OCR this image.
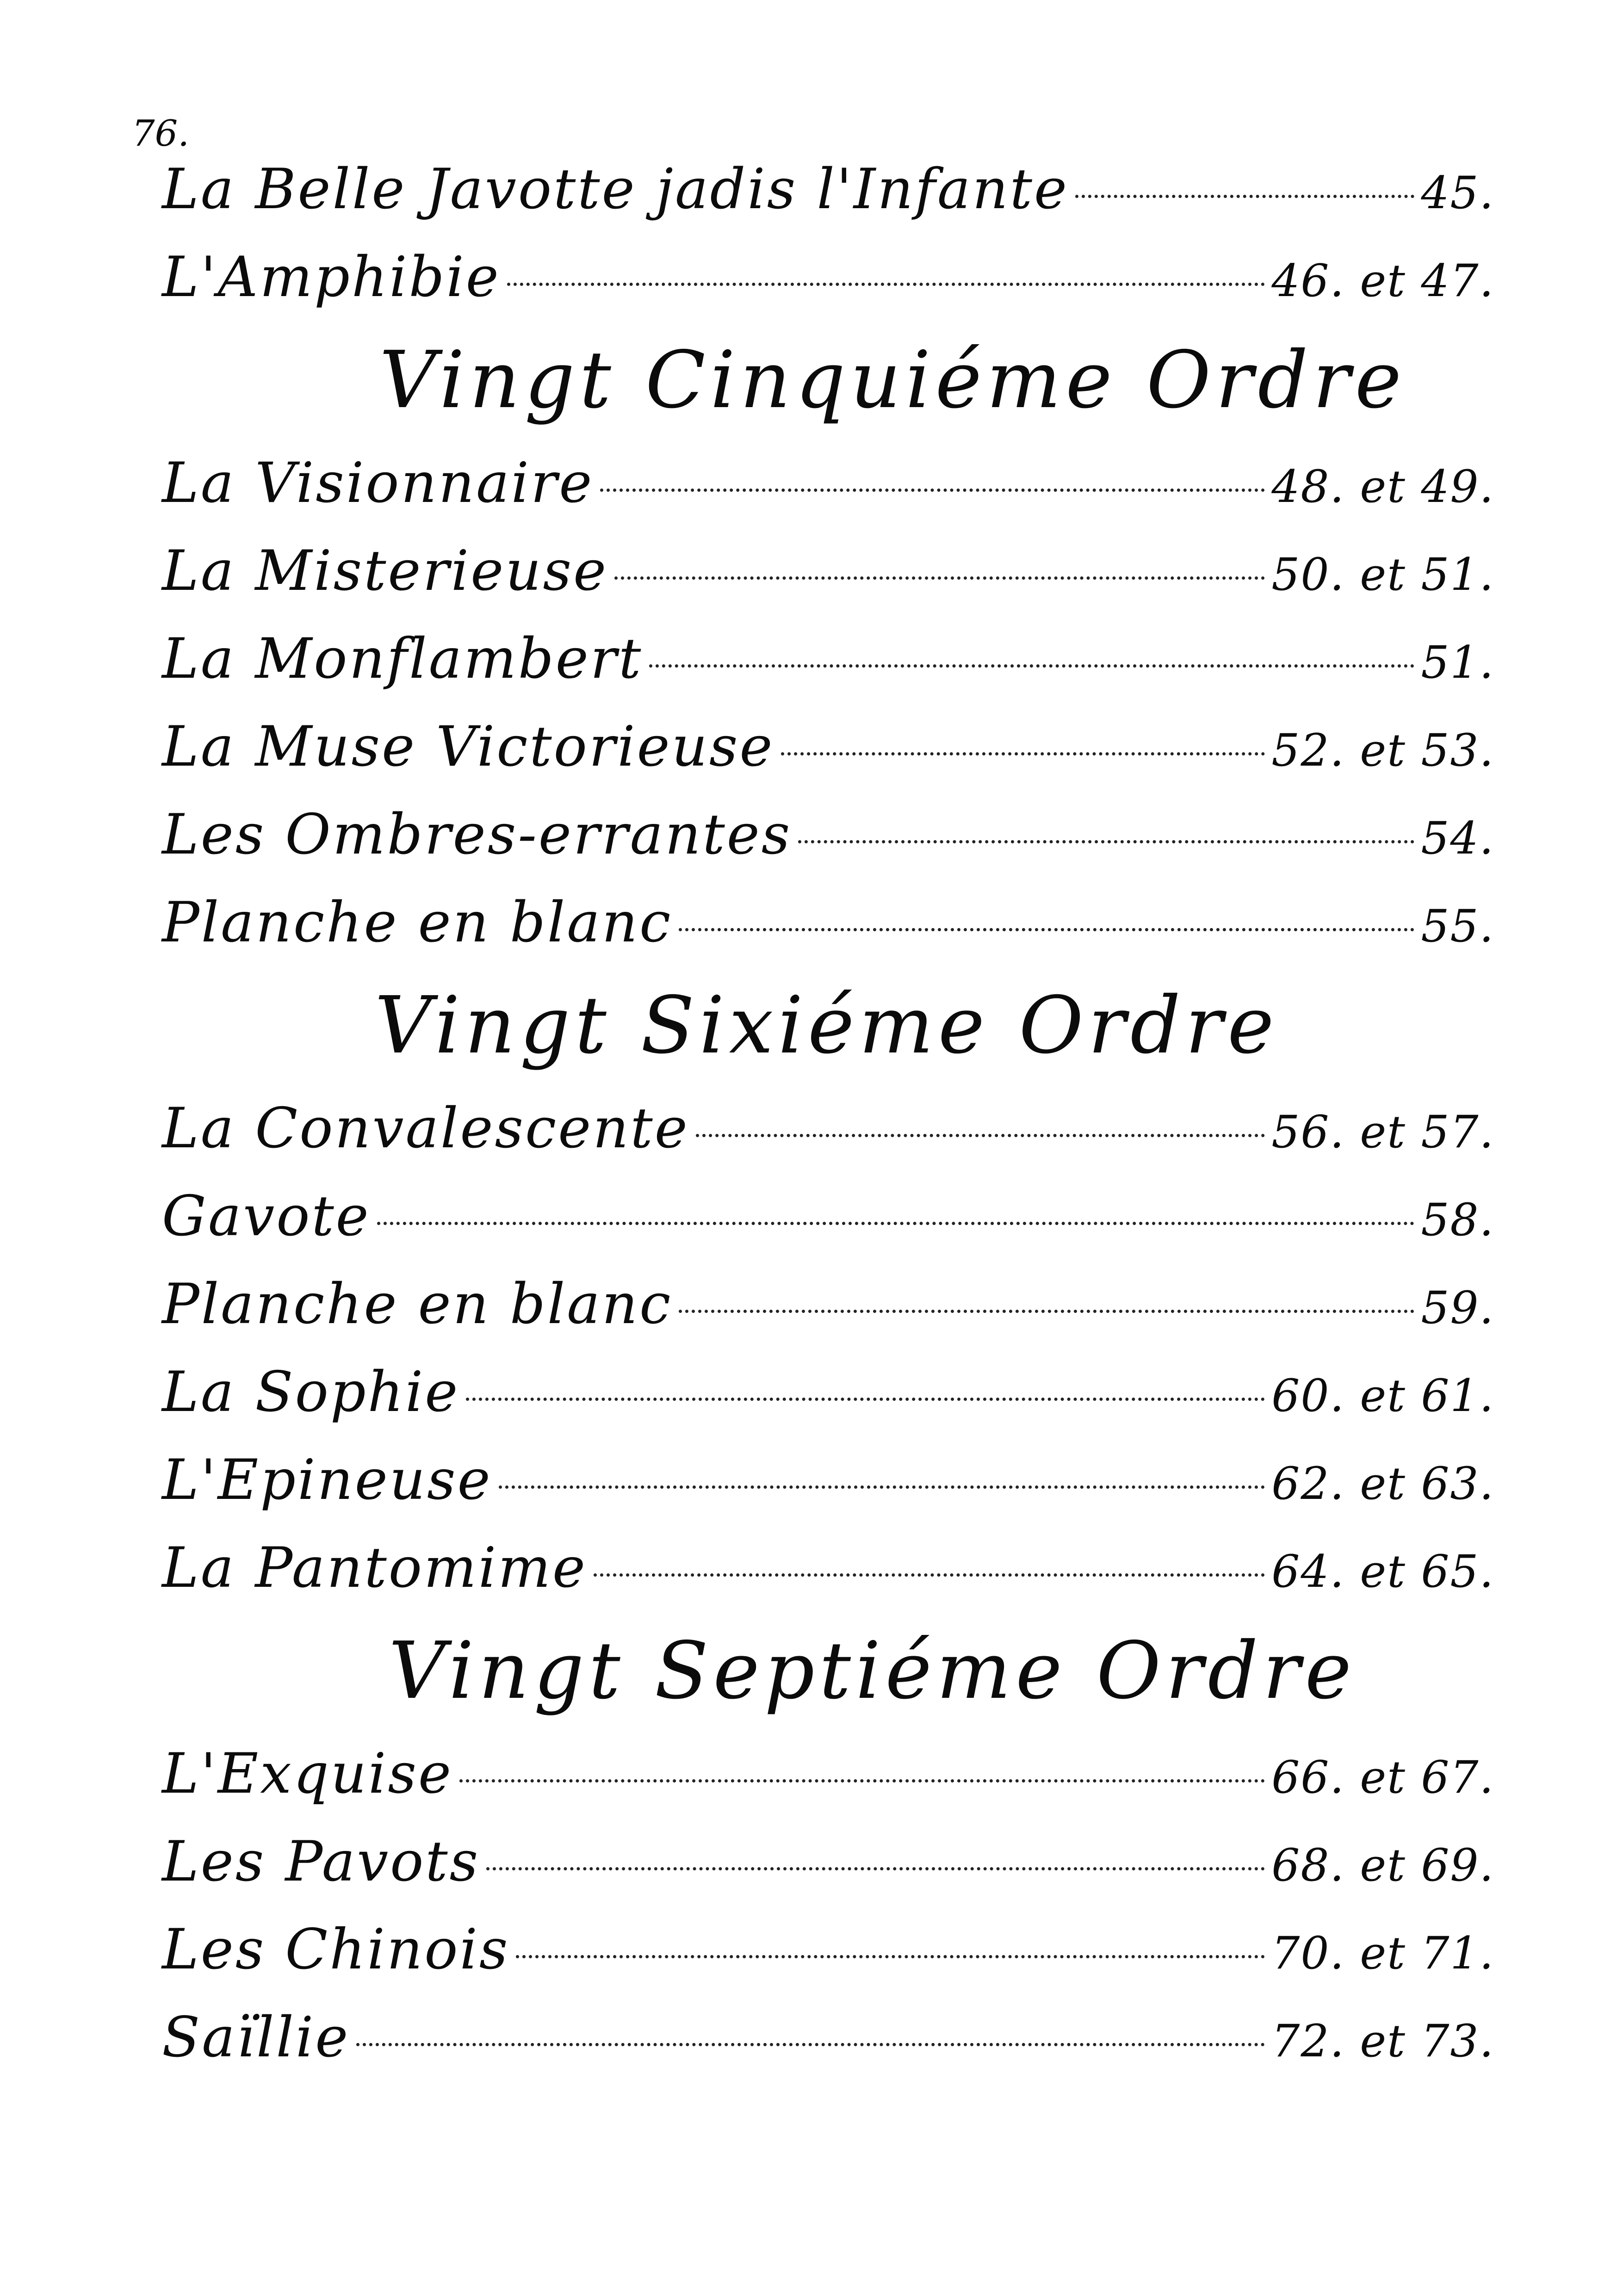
76.
La Belle Javotte jadis l'Infante	45.
L'Amphibie	46. et 47.
Vingt Cinquiéme Ordre
La Visionnaire	48. et 49.
La Misterieuse	50. et 51.
La Monflambert	51.
La Muse Victorieuse	52. et 53.
Les Ombres-errantes	54.
Planche en blanc	55.
Vingt Sixiéme Ordre
La Convalescente	56. et 57.
Gavote	58.
Planche en blanc	59.
La Sophie	60. et 61.
L'Epineuse	62. et 63.
La Pantomime	64. et 65.
Vingt Septiéme Ordre
L'Exquise	66. et 67.
Les Pavots	68. et 69.
Les Chinois	70. et 71.
Saïllie	72. et 73.
